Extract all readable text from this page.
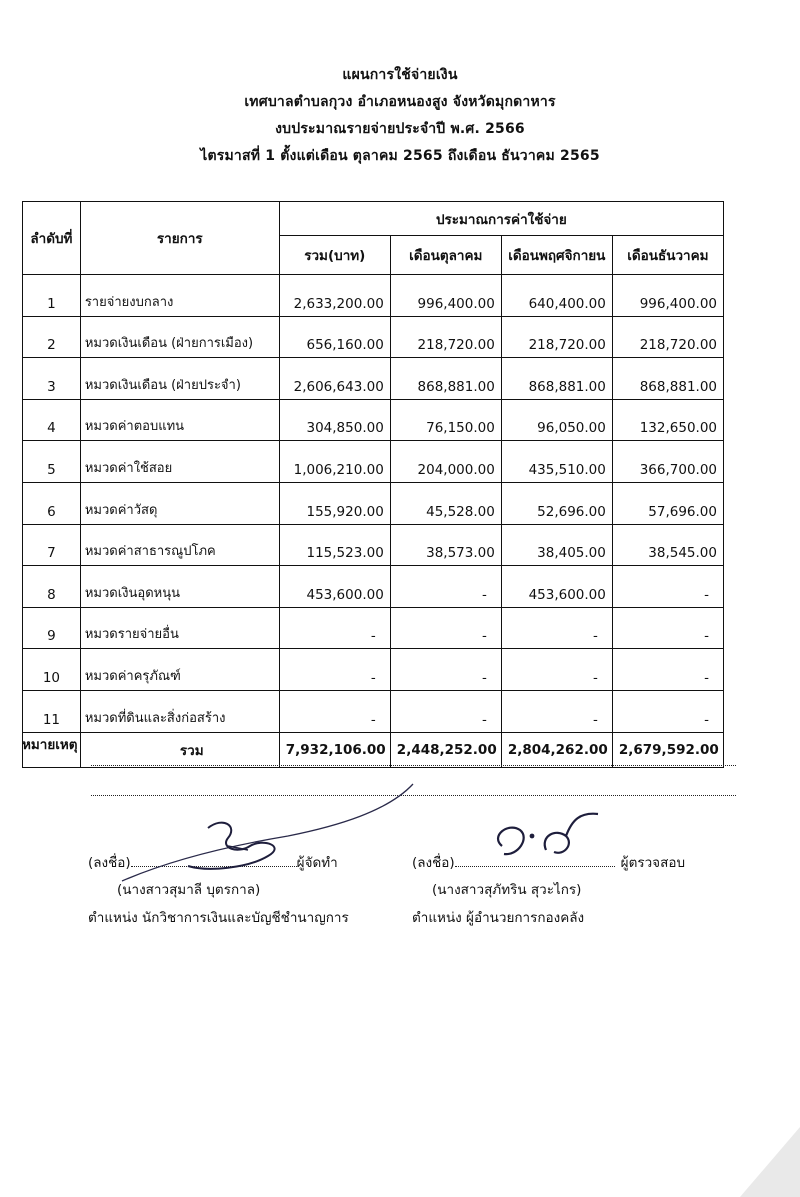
แผนการใช้จ่ายเงิน
เทศบาลตำบลกุวง อำเภอหนองสูง จังหวัดมุกดาหาร
งบประมาณรายจ่ายประจำปี พ.ศ. 2566
ไตรมาสที่ 1 ตั้งแต่เดือน ตุลาคม 2565 ถึงเดือน ธันวาคม 2565
ลำดับที่	รายการ	ประมาณการค่าใช้จ่าย			
		รวม(บาท)	เดือนตุลาคม	เดือนพฤศจิกายน	เดือนธันวาคม
1	รายจ่ายงบกลาง	2,633,200.00	996,400.00	640,400.00	996,400.00
2	หมวดเงินเดือน (ฝ่ายการเมือง)	656,160.00	218,720.00	218,720.00	218,720.00
3	หมวดเงินเดือน (ฝ่ายประจำ)	2,606,643.00	868,881.00	868,881.00	868,881.00
4	หมวดค่าตอบแทน	304,850.00	76,150.00	96,050.00	132,650.00
5	หมวดค่าใช้สอย	1,006,210.00	204,000.00	435,510.00	366,700.00
6	หมวดค่าวัสดุ	155,920.00	45,528.00	52,696.00	57,696.00
7	หมวดค่าสาธารณูปโภค	115,523.00	38,573.00	38,405.00	38,545.00
8	หมวดเงินอุดหนุน	453,600.00	-	453,600.00	-
9	หมวดรายจ่ายอื่น	-	-	-	-
10	หมวดค่าครุภัณฑ์	-	-	-	-
11	หมวดที่ดินและสิ่งก่อสร้าง	-	-	-	-
	รวม	7,932,106.00	2,448,252.00	2,804,262.00	2,679,592.00
หมายเหตุ
(ลงชื่อ)	ผู้จัดทำ
(นางสาวสุมาลี บุตรกาล)
ตำแหน่ง นักวิชาการเงินและบัญชีชำนาญการ
(ลงชื่อ)	ผู้ตรวจสอบ
(นางสาวสุภัทริน สุวะไกร)
ตำแหน่ง ผู้อำนวยการกองคลัง
